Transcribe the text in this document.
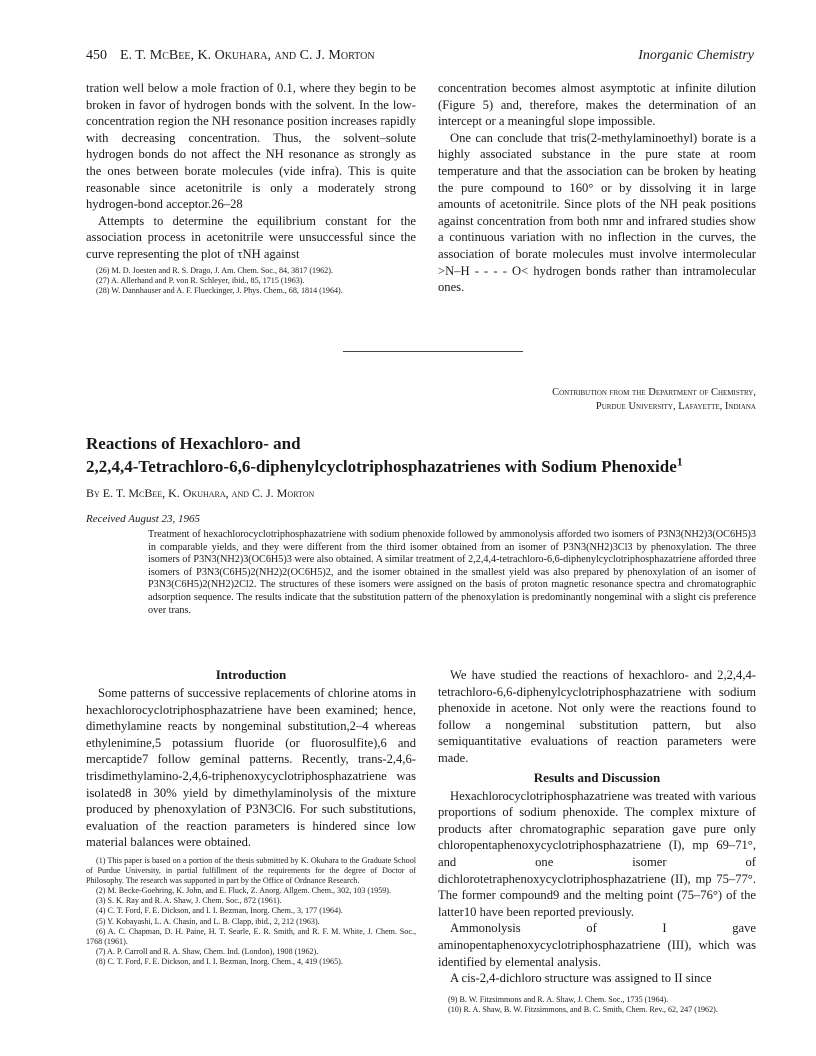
450 E. T. McBee, K. Okuhara, and C. J. Morton	Inorganic Chemistry

tration well below a mole fraction of 0.1, where they begin to be broken in favor of hydrogen bonds with the solvent. In the low-concentration region the NH resonance position increases rapidly with decreasing concentration. Thus, the solvent–solute hydrogen bonds do not affect the NH resonance as strongly as the ones between borate molecules (vide infra). This is quite reasonable since acetonitrile is only a moderately strong hydrogen-bond acceptor.26–28

Attempts to determine the equilibrium constant for the association process in acetonitrile were unsuccessful since the curve representing the plot of τNH against

(26) M. D. Joesten and R. S. Drago, J. Am. Chem. Soc., 84, 3817 (1962).
(27) A. Allerhand and P. von R. Schleyer, ibid., 85, 1715 (1963).
(28) W. Dannhauser and A. F. Flueckinger, J. Phys. Chem., 68, 1814 (1964).

concentration becomes almost asymptotic at infinite dilution (Figure 5) and, therefore, makes the determination of an intercept or a meaningful slope impossible.

One can conclude that tris(2-methylaminoethyl) borate is a highly associated substance in the pure state at room temperature and that the association can be broken by heating the pure compound to 160° or by dissolving it in large amounts of acetonitrile. Since plots of the NH peak positions against concentration from both nmr and infrared studies show a continuous variation with no inflection in the curves, the association of borate molecules must involve intermolecular >N–H - - - - O< hydrogen bonds rather than intramolecular ones.

Contribution from the Department of Chemistry,
Purdue University, Lafayette, Indiana
Reactions of Hexachloro- and
2,2,4,4-Tetrachloro-6,6-diphenylcyclotriphosphazatrienes with Sodium Phenoxide$^1$
By E. T. McBee, K. Okuhara, and C. J. Morton
Received August 23, 1965
Treatment of hexachlorocyclotriphosphazatriene with sodium phenoxide followed by ammonolysis afforded two isomers of P3N3(NH2)3(OC6H5)3 in comparable yields, and they were different from the third isomer obtained from an isomer of P3N3(NH2)3Cl3 by phenoxylation. The three isomers of P3N3(NH2)3(OC6H5)3 were also obtained. A similar treatment of 2,2,4,4-tetrachloro-6,6-diphenylcyclotriphosphazatriene afforded three isomers of P3N3(C6H5)2(NH2)2(OC6H5)2, and the isomer obtained in the smallest yield was also prepared by phenoxylation of an isomer of P3N3(C6H5)2(NH2)2Cl2. The structures of these isomers were assigned on the basis of proton magnetic resonance spectra and chromatographic adsorption sequence. The results indicate that the substitution pattern of the phenoxylation is predominantly nongeminal with a slight cis preference over trans.
Introduction

Some patterns of successive replacements of chlorine atoms in hexachlorocyclotriphosphazatriene have been examined; hence, dimethylamine reacts by nongeminal substitution,2–4 whereas ethylenimine,5 potassium fluoride (or fluorosulfite),6 and mercaptide7 follow geminal patterns. Recently, trans-2,4,6-trisdimethylamino-2,4,6-triphenoxycyclotriphosphazatriene was isolated8 in 30% yield by dimethylaminolysis of the mixture produced by phenoxylation of P3N3Cl6. For such substitutions, evaluation of the reaction parameters is hindered since low material balances were obtained.

(1) This paper is based on a portion of the thesis submitted by K. Okuhara to the Graduate School of Purdue University, in partial fulfillment of the requirements for the degree of Doctor of Philosophy. The research was supported in part by the Office of Ordnance Research.
(2) M. Becke-Goehring, K. John, and E. Fluck, Z. Anorg. Allgem. Chem., 302, 103 (1959).
(3) S. K. Ray and R. A. Shaw, J. Chem. Soc., 872 (1961).
(4) C. T. Ford, F. E. Dickson, and I. I. Bezman, Inorg. Chem., 3, 177 (1964).
(5) Y. Kobayashi, L. A. Chasin, and L. B. Clapp, ibid., 2, 212 (1963).
(6) A. C. Chapman, D. H. Paine, H. T. Searle, E. R. Smith, and R. F. M. White, J. Chem. Soc., 1768 (1961).
(7) A. P. Carroll and R. A. Shaw, Chem. Ind. (London), 1908 (1962).
(8) C. T. Ford, F. E. Dickson, and I. I. Bezman, Inorg. Chem., 4, 419 (1965).

We have studied the reactions of hexachloro- and 2,2,4,4-tetrachloro-6,6-diphenylcyclotriphosphazatriene with sodium phenoxide in acetone. Not only were the reactions found to follow a nongeminal substitution pattern, but also semiquantitative evaluations of reaction parameters were made.

Results and Discussion

Hexachlorocyclotriphosphazatriene was treated with various proportions of sodium phenoxide. The complex mixture of products after chromatographic separation gave pure only chloropentaphenoxycyclotriphosphazatriene (I), mp 69–71°, and one isomer of dichlorotetraphenoxycyclotriphosphazatriene (II), mp 75–77°. The former compound9 and the melting point (75–76°) of the latter10 have been reported previously.

Ammonolysis of I gave aminopentaphenoxycyclotriphosphazatriene (III), which was identified by elemental analysis.

A cis-2,4-dichloro structure was assigned to II since

(9) B. W. Fitzsimmons and R. A. Shaw, J. Chem. Soc., 1735 (1964).
(10) R. A. Shaw, B. W. Fitzsimmons, and B. C. Smith, Chem. Rev., 62, 247 (1962).
